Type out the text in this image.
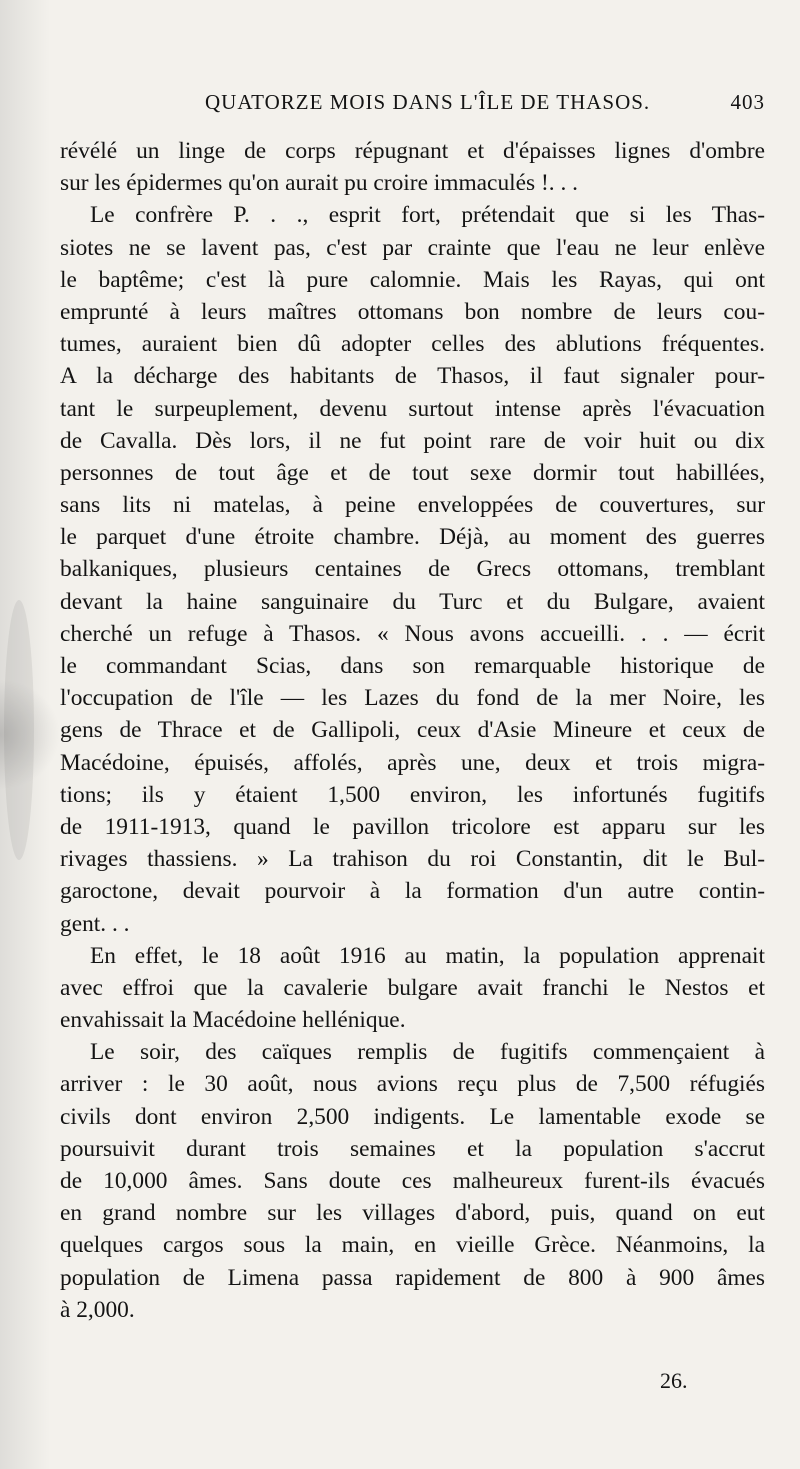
QUATORZE MOIS DANS L'ÎLE DE THASOS.	403
révélé un linge de corps répugnant et d'épaisses lignes d'ombre
sur les épidermes qu'on aurait pu croire immaculés !. . .
Le confrère P. . ., esprit fort, prétendait que si les Thas-
siotes ne se lavent pas, c'est par crainte que l'eau ne leur enlève
le baptême; c'est là pure calomnie. Mais les Rayas, qui ont
emprunté à leurs maîtres ottomans bon nombre de leurs cou-
tumes, auraient bien dû adopter celles des ablutions fréquentes.
A la décharge des habitants de Thasos, il faut signaler pour-
tant le surpeuplement, devenu surtout intense après l'évacuation
de Cavalla. Dès lors, il ne fut point rare de voir huit ou dix
personnes de tout âge et de tout sexe dormir tout habillées,
sans lits ni matelas, à peine enveloppées de couvertures, sur
le parquet d'une étroite chambre. Déjà, au moment des guerres
balkaniques, plusieurs centaines de Grecs ottomans, tremblant
devant la haine sanguinaire du Turc et du Bulgare, avaient
cherché un refuge à Thasos. « Nous avons accueilli. . . — écrit
le commandant Scias, dans son remarquable historique de
l'occupation de l'île — les Lazes du fond de la mer Noire, les
gens de Thrace et de Gallipoli, ceux d'Asie Mineure et ceux de
Macédoine, épuisés, affolés, après une, deux et trois migra-
tions; ils y étaient 1,500 environ, les infortunés fugitifs
de 1911-1913, quand le pavillon tricolore est apparu sur les
rivages thassiens. » La trahison du roi Constantin, dit le Bul-
garoctone, devait pourvoir à la formation d'un autre contin-
gent. . .
En effet, le 18 août 1916 au matin, la population apprenait
avec effroi que la cavalerie bulgare avait franchi le Nestos et
envahissait la Macédoine hellénique.
Le soir, des caïques remplis de fugitifs commençaient à
arriver : le 30 août, nous avions reçu plus de 7,500 réfugiés
civils dont environ 2,500 indigents. Le lamentable exode se
poursuivit durant trois semaines et la population s'accrut
de 10,000 âmes. Sans doute ces malheureux furent-ils évacués
en grand nombre sur les villages d'abord, puis, quand on eut
quelques cargos sous la main, en vieille Grèce. Néanmoins, la
population de Limena passa rapidement de 800 à 900 âmes
à 2,000.
26.
